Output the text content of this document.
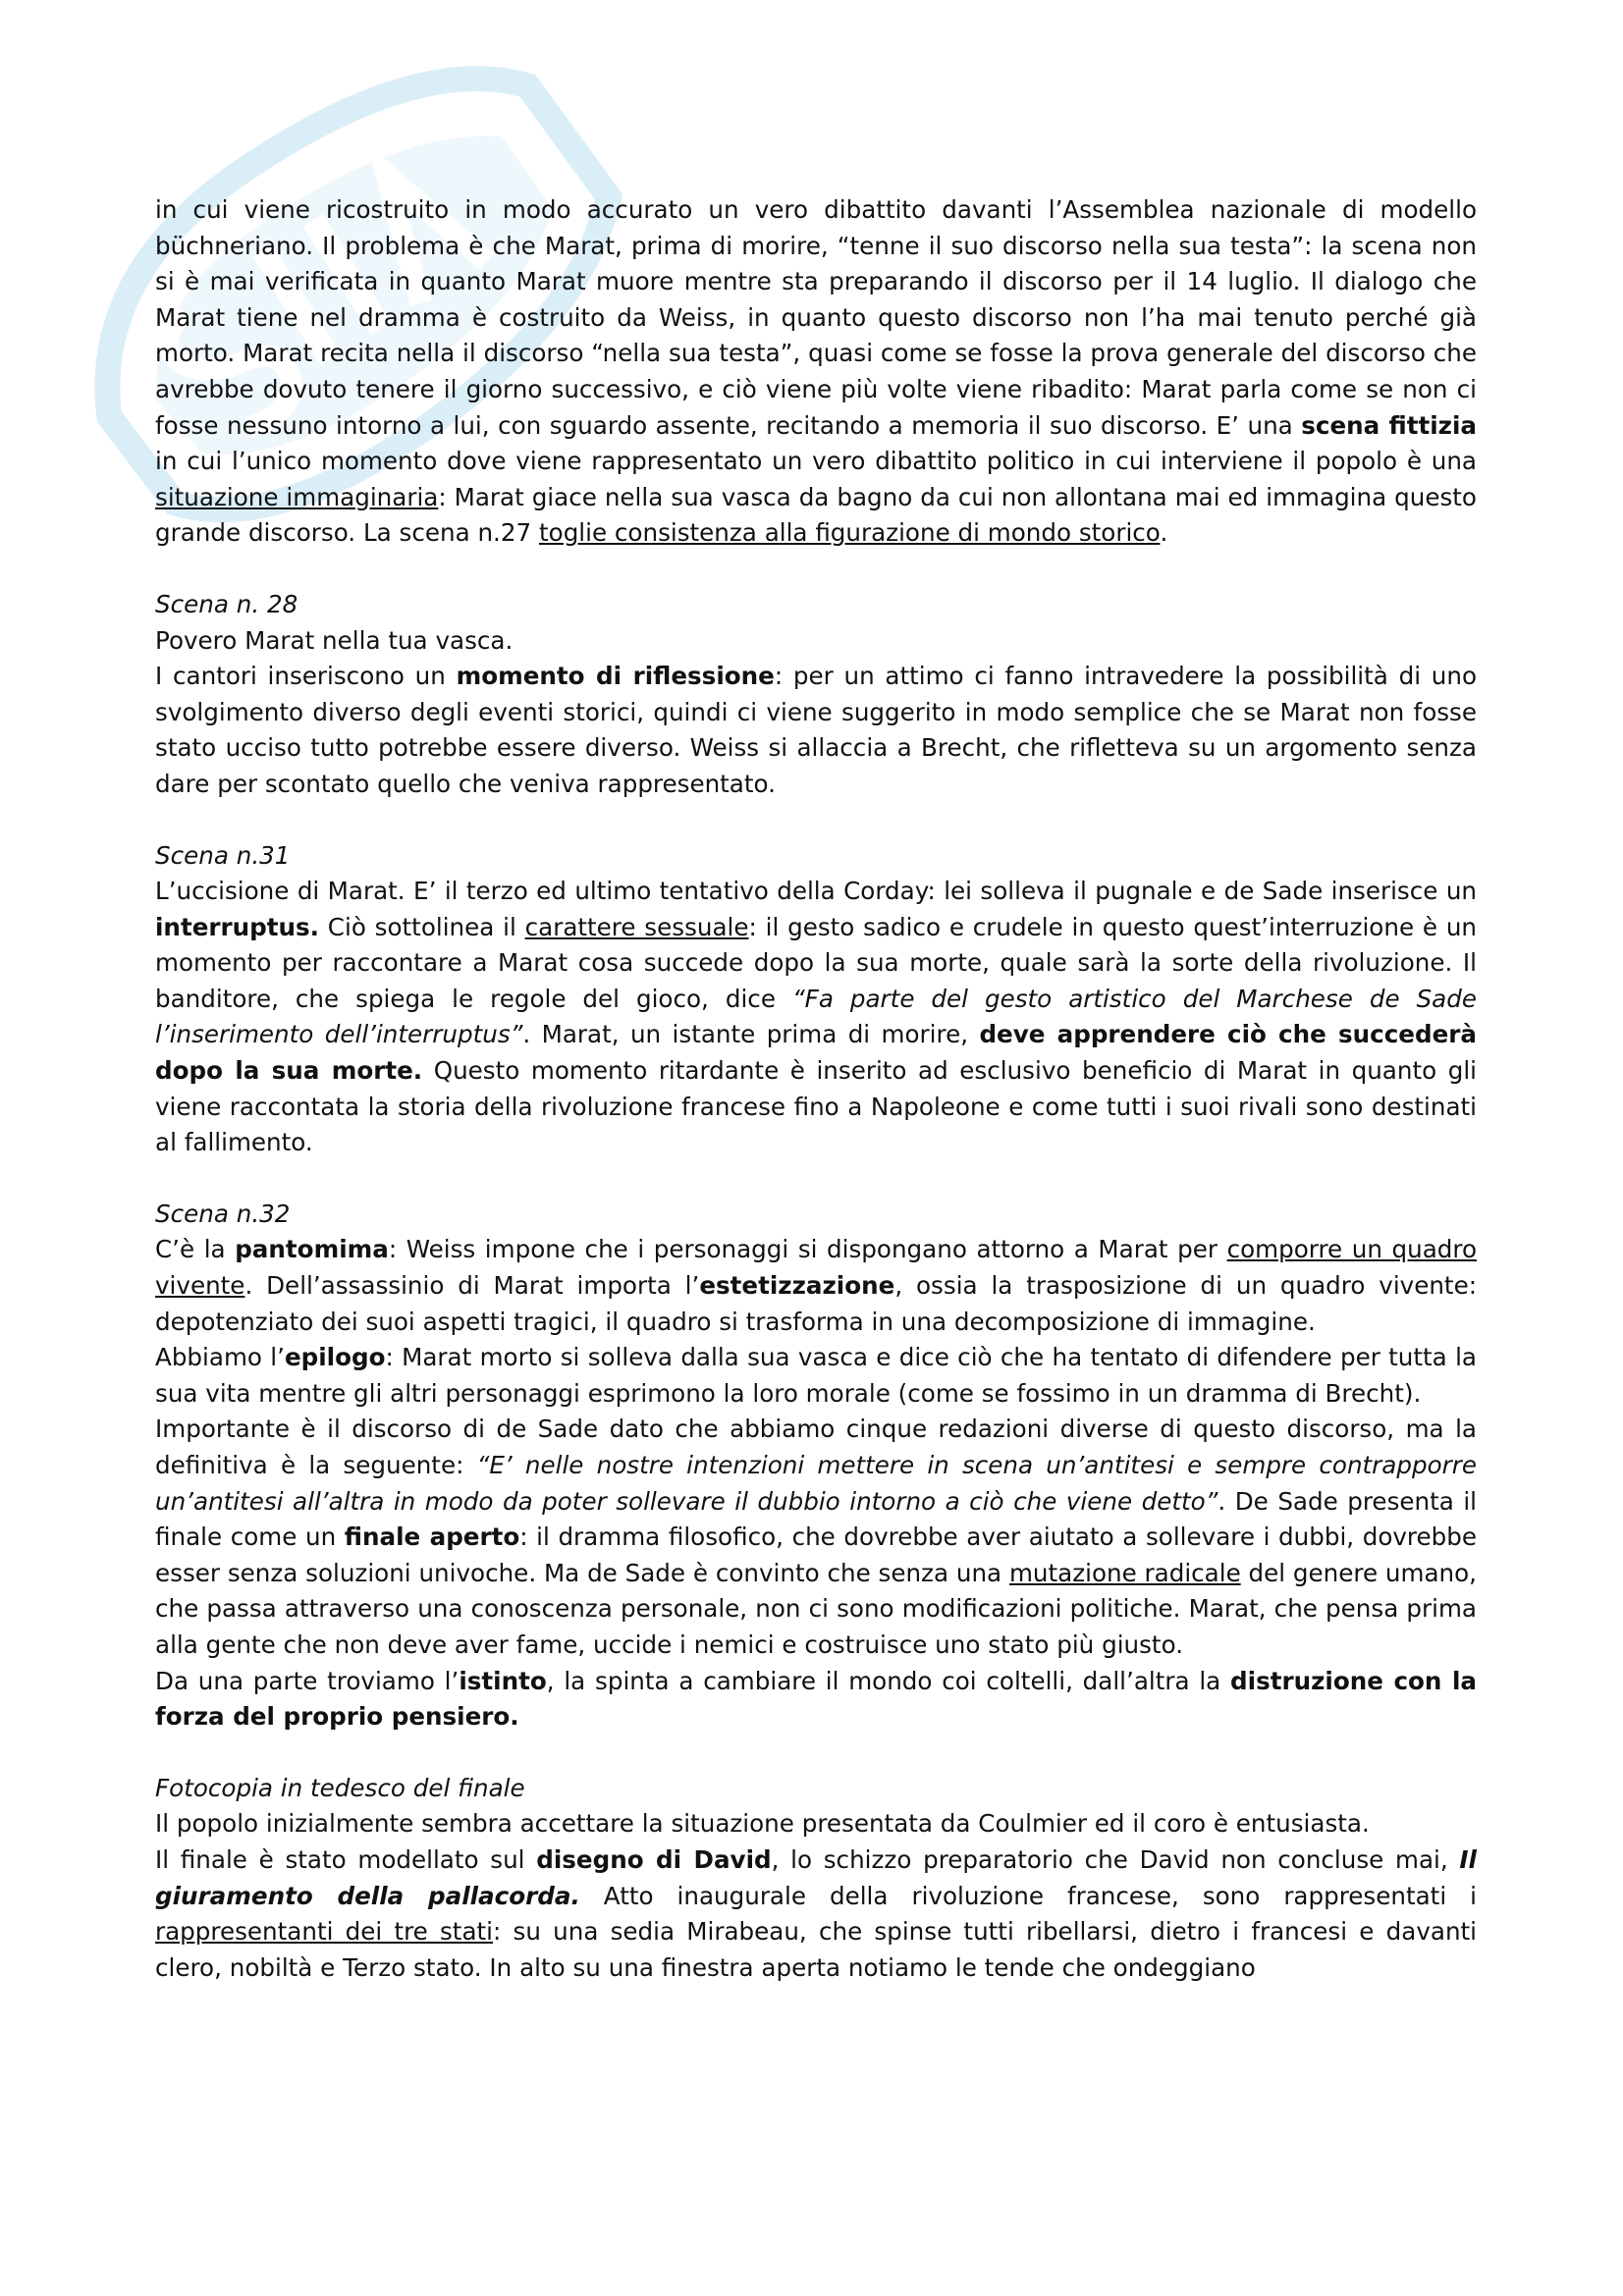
in cui viene ricostruito in modo accurato un vero dibattito davanti l’Assemblea nazionale di modello büchneriano. Il problema è che Marat, prima di morire, “tenne il suo discorso nella sua testa”: la scena non si è mai verificata in quanto Marat muore mentre sta preparando il discorso per il 14 luglio. Il dialogo che Marat tiene nel dramma è costruito da Weiss, in quanto questo discorso non l’ha mai tenuto perché già morto. Marat recita nella il discorso “nella sua testa”, quasi come se fosse la prova generale del discorso che avrebbe dovuto tenere il giorno successivo, e ciò viene più volte viene ribadito: Marat parla come se non ci fosse nessuno intorno a lui, con sguardo assente, recitando a memoria il suo discorso. E’ una scena fittizia in cui l’unico momento dove viene rappresentato un vero dibattito politico in cui interviene il popolo è una situazione immaginaria: Marat giace nella sua vasca da bagno da cui non allontana mai ed immagina questo grande discorso. La scena n.27 toglie consistenza alla figurazione di mondo storico.

Scena n. 28

Povero Marat nella tua vasca.

I cantori inseriscono un momento di riflessione: per un attimo ci fanno intravedere la possibilità di uno svolgimento diverso degli eventi storici, quindi ci viene suggerito in modo semplice che se Marat non fosse stato ucciso tutto potrebbe essere diverso. Weiss si allaccia a Brecht, che rifletteva su un argomento senza dare per scontato quello che veniva rappresentato.

Scena n.31

L’uccisione di Marat. E’ il terzo ed ultimo tentativo della Corday: lei solleva il pugnale e de Sade inserisce un interruptus. Ciò sottolinea il carattere sessuale: il gesto sadico e crudele in questo quest’interruzione è un momento per raccontare a Marat cosa succede dopo la sua morte, quale sarà la sorte della rivoluzione. Il banditore, che spiega le regole del gioco, dice “Fa parte del gesto artistico del Marchese de Sade l’inserimento dell’interruptus”. Marat, un istante prima di morire, deve apprendere ciò che succederà dopo la sua morte. Questo momento ritardante è inserito ad esclusivo beneficio di Marat in quanto gli viene raccontata la storia della rivoluzione francese fino a Napoleone e come tutti i suoi rivali sono destinati al fallimento.

Scena n.32

C’è la pantomima: Weiss impone che i personaggi si dispongano attorno a Marat per comporre un quadro vivente. Dell’assassinio di Marat importa l’estetizzazione, ossia la trasposizione di un quadro vivente: depotenziato dei suoi aspetti tragici, il quadro si trasforma in una decomposizione di immagine.

Abbiamo l’epilogo: Marat morto si solleva dalla sua vasca e dice ciò che ha tentato di difendere per tutta la sua vita mentre gli altri personaggi esprimono la loro morale (come se fossimo in un dramma di Brecht).

Importante è il discorso di de Sade dato che abbiamo cinque redazioni diverse di questo discorso, ma la definitiva è la seguente: “E’ nelle nostre intenzioni mettere in scena un’antitesi e sempre contrapporre un’antitesi all’altra in modo da poter sollevare il dubbio intorno a ciò che viene detto”. De Sade presenta il finale come un finale aperto: il dramma filosofico, che dovrebbe aver aiutato a sollevare i dubbi, dovrebbe esser senza soluzioni univoche. Ma de Sade è convinto che senza una mutazione radicale del genere umano, che passa attraverso una conoscenza personale, non ci sono modificazioni politiche. Marat, che pensa prima alla gente che non deve aver fame, uccide i nemici e costruisce uno stato più giusto.

Da una parte troviamo l’istinto, la spinta a cambiare il mondo coi coltelli, dall’altra la distruzione con la forza del proprio pensiero.

Fotocopia in tedesco del finale

Il popolo inizialmente sembra accettare la situazione presentata da Coulmier ed il coro è entusiasta.

Il finale è stato modellato sul disegno di David, lo schizzo preparatorio che David non concluse mai, Il giuramento della pallacorda. Atto inaugurale della rivoluzione francese, sono rappresentati i rappresentanti dei tre stati: su una sedia Mirabeau, che spinse tutti ribellarsi, dietro i francesi e davanti clero, nobiltà e Terzo stato. In alto su una finestra aperta notiamo le tende che ondeggiano
